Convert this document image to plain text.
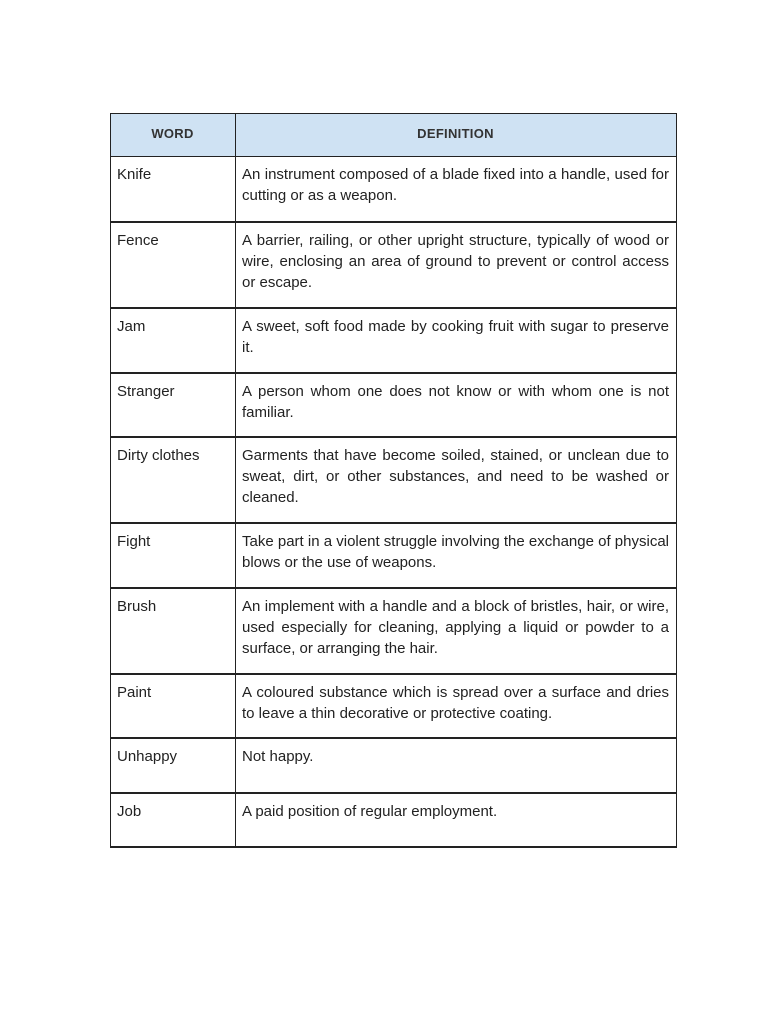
WORD	DEFINITION
Knife	An instrument composed of a blade fixed into a handle, used for cutting or as a weapon.
Fence	A barrier, railing, or other upright structure, typically of wood or wire, enclosing an area of ground to prevent or control access or escape.
Jam	A sweet, soft food made by cooking fruit with sugar to preserve it.
Stranger	A person whom one does not know or with whom one is not familiar.
Dirty clothes	Garments that have become soiled, stained, or unclean due to sweat, dirt, or other substances, and need to be washed or cleaned.
Fight	Take part in a violent struggle involving the exchange of physical blows or the use of weapons.
Brush	An implement with a handle and a block of bristles, hair, or wire, used especially for cleaning, applying a liquid or powder to a surface, or arranging the hair.
Paint	A coloured substance which is spread over a surface and dries to leave a thin decorative or protective coating.
Unhappy	Not happy.
Job	A paid position of regular employment.
